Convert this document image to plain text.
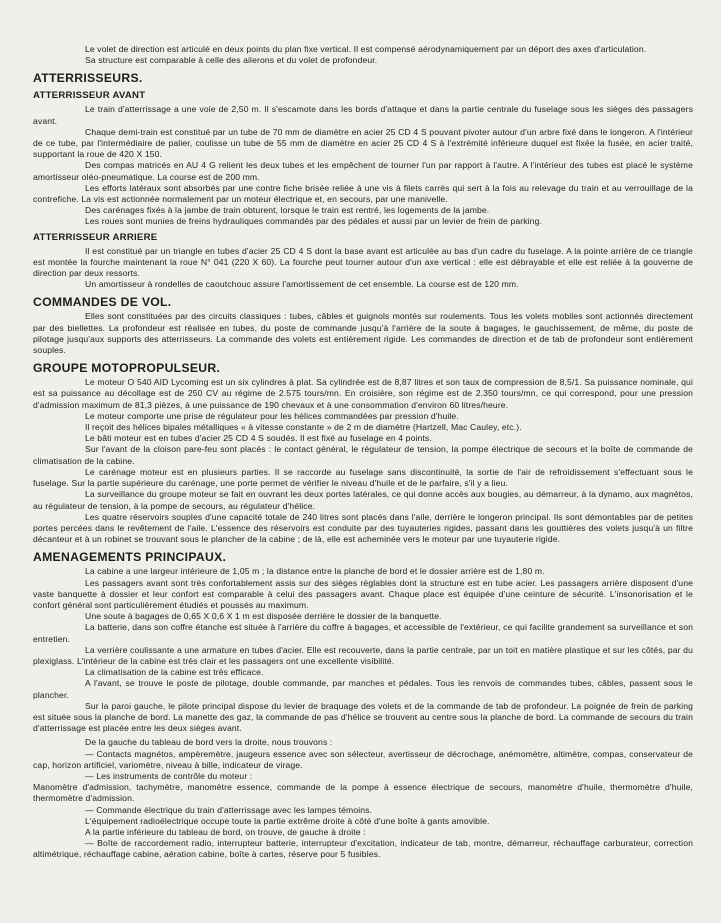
Le volet de direction est articulé en deux points du plan fixe vertical. Il est compensé aérodynamiquement par un déport des axes d'articulation.

Sa structure est comparable à celle des ailerons et du volet de profondeur.

ATTERRISSEURS.
ATTERRISSEUR AVANT

Le train d'atterrissage a une voie de 2,50 m. Il s'escamote dans les bords d'attaque et dans la partie centrale du fuselage sous les sièges des passagers avant.

Chaque demi-train est constitué par un tube de 70 mm de diamètre en acier 25 CD 4 S pouvant pivoter autour d'un arbre fixé dans le longeron. A l'intérieur de ce tube, par l'intermédiaire de palier, coulisse un tube de 55 mm de diamètre en acier 25 CD 4 S à l'extrémité inférieure duquel est fixée la fusée, en acier traité, supportant la roue de 420 X 150.

Des compas matricés en AU 4 G relient les deux tubes et les empêchent de tourner l'un par rapport à l'autre. A l'intérieur des tubes est placé le système amortisseur oléo-pneumatique. La course est de 200 mm.

Les efforts latéraux sont absorbés par une contre fiche brisée reliée à une vis à filets carrés qui sert à la fois au relevage du train et au verrouillage de la contrefiche. La vis est actionnée normalement par un moteur électrique et, en secours, par une manivelle.

Des carénages fixés à la jambe de train obturent, lorsque le train est rentré, les logements de la jambe.

Les roues sont munies de freins hydrauliques commandés par des pédales et aussi par un levier de frein de parking.

ATTERRISSEUR ARRIERE

Il est constitué par un triangle en tubes d'acier 25 CD 4 S dont la base avant est articulée au bas d'un cadre du fuselage. A la pointe arrière de ce triangle est montée la fourche maintenant la roue N° 041 (220 X 60). La fourche peut tourner autour d'un axe vertical : elle est débrayable et elle est reliée à la gouverne de direction par deux ressorts.

Un amortisseur à rondelles de caoutchouc assure l'amortissement de cet ensemble. La course est de 120 mm.

COMMANDES DE VOL.

Elles sont constituées par des circuits classiques : tubes, câbles et guignols montés sur roulements. Tous les volets mobiles sont actionnés directement par des biellettes. La profondeur est réalisée en tubes, du poste de commande jusqu'à l'arrière de la soute à bagages, le gauchissement, de même, du poste de pilotage jusqu'aux supports des atterrisseurs. La commande des volets est entièrement rigide. Les commandes de direction et de tab de profondeur sont entièrement souples.

GROUPE MOTOPROPULSEUR.

Le moteur O 540 AID Lycoming est un six cylindres à plat. Sa cylindrée est de 8,87 litres et son taux de compression de 8,5/1. Sa puissance nominale, qui est sa puissance au décollage est de 250 CV au régime de 2.575 tours/mn. En croisière, son régime est de 2.350 tours/mn, ce qui correspond, pour une pression d'admission maximum de 81,3 pièzes, à une puissance de 190 chevaux et à une consommation d'environ 60 litres/heure.

Le moteur comporte une prise de régulateur pour les hélices commandées par pression d'huile.

Il reçoit des hélices bipales métalliques « à vitesse constante » de 2 m de diamètre (Hartzell, Mac Cauley, etc.).

Le bâti moteur est en tubes d'acier 25 CD 4 S soudés. Il est fixé au fuselage en 4 points.

Sur l'avant de la cloison pare-feu sont placés : le contact général, le régulateur de tension, la pompe électrique de secours et la boîte de commande de climatisation de la cabine.

Le carénage moteur est en plusieurs parties. Il se raccorde au fuselage sans discontinuité, la sortie de l'air de refroidissement s'effectuant sous le fuselage. Sur la partie supérieure du carénage, une porte permet de vérifier le niveau d'huile et de le parfaire, s'il y a lieu.

La surveillance du groupe moteur se fait en ouvrant les deux portes latérales, ce qui donne accès aux bougies, au démarreur, à la dynamo, aux magnétos, au régulateur de tension, à la pompe de secours, au régulateur d'hélice.

Les quatre réservoirs souples d'une capacité totale de 240 litres sont placés dans l'aile, derrière le longeron principal. Ils sont démontables par de petites portes percées dans le revêtement de l'aile. L'essence des réservoirs est conduite par des tuyauteries rigides, passant dans les gouttières des volets jusqu'à un filtre décanteur et à un robinet se trouvant sous le plancher de la cabine ; de là, elle est acheminée vers le moteur par une tuyauterie rigide.

AMENAGEMENTS PRINCIPAUX.

La cabine a une largeur intérieure de 1,05 m ; la distance entre la planche de bord et le dossier arrière est de 1,80 m.

Les passagers avant sont très confortablement assis sur des sièges réglables dont la structure est en tube acier. Les passagers arrière disposent d'une vaste banquette à dossier et leur confort est comparable à celui des passagers avant. Chaque place est équipée d'une ceinture de sécurité. L'insonorisation et le confort général sont particulièrement étudiés et poussés au maximum.

Une soute à bagages de 0,65 X 0,6 X 1 m est disposée derrière le dossier de la banquette.

La batterie, dans son coffre étanche est située à l'arrière du coffre à bagages, et accessible de l'extérieur, ce qui facilite grandement sa surveillance et son entretien.

La verrière coulissante a une armature en tubes d'acier. Elle est recouverte, dans la partie centrale, par un toit en matière plastique et sur les côtés, par du plexiglass. L'intérieur de la cabine est très clair et les passagers ont une excellente visibilité.

La climatisation de la cabine est très efficace.

A l'avant, se trouve le poste de pilotage, double commande, par manches et pédales. Tous les renvois de commandes tubes, câbles, passent sous le plancher.

Sur la paroi gauche, le pilote principal dispose du levier de braquage des volets et de la commande de tab de profondeur. La poignée de frein de parking est située sous la planche de bord. La manette des gaz, la commande de pas d'hélice se trouvent au centre sous la planche de bord. La commande de secours du train d'atterrissage est placée entre les deux sièges avant.

De la gauche du tableau de bord vers la droite, nous trouvons :

— Contacts magnétos, ampèremètre, jaugeurs essence avec son sélecteur, avertisseur de décrochage, anémomètre, altimètre, compas, conservateur de cap, horizon artificiel, variomètre, niveau à bille, indicateur de virage.

— Les instruments de contrôle du moteur :

Manomètre d'admission, tachymètre, manomètre essence, commande de la pompe à essence électrique de secours, manomètre d'huile, thermomètre d'huile, thermomètre d'admission.

— Commande électrique du train d'atterrissage avec les lampes témoins.

L'équipement radioélectrique occupe toute la partie extrême droite à côté d'une boîte à gants amovible.

A la partie inférieure du tableau de bord, on trouve, de gauche à droite :

— Boîte de raccordement radio, interrupteur batterie, interrupteur d'excitation, indicateur de tab, montre, démarreur, réchauffage carburateur, correction altimétrique, réchauffage cabine, aération cabine, boîte à cartes, réserve pour 5 fusibles.
